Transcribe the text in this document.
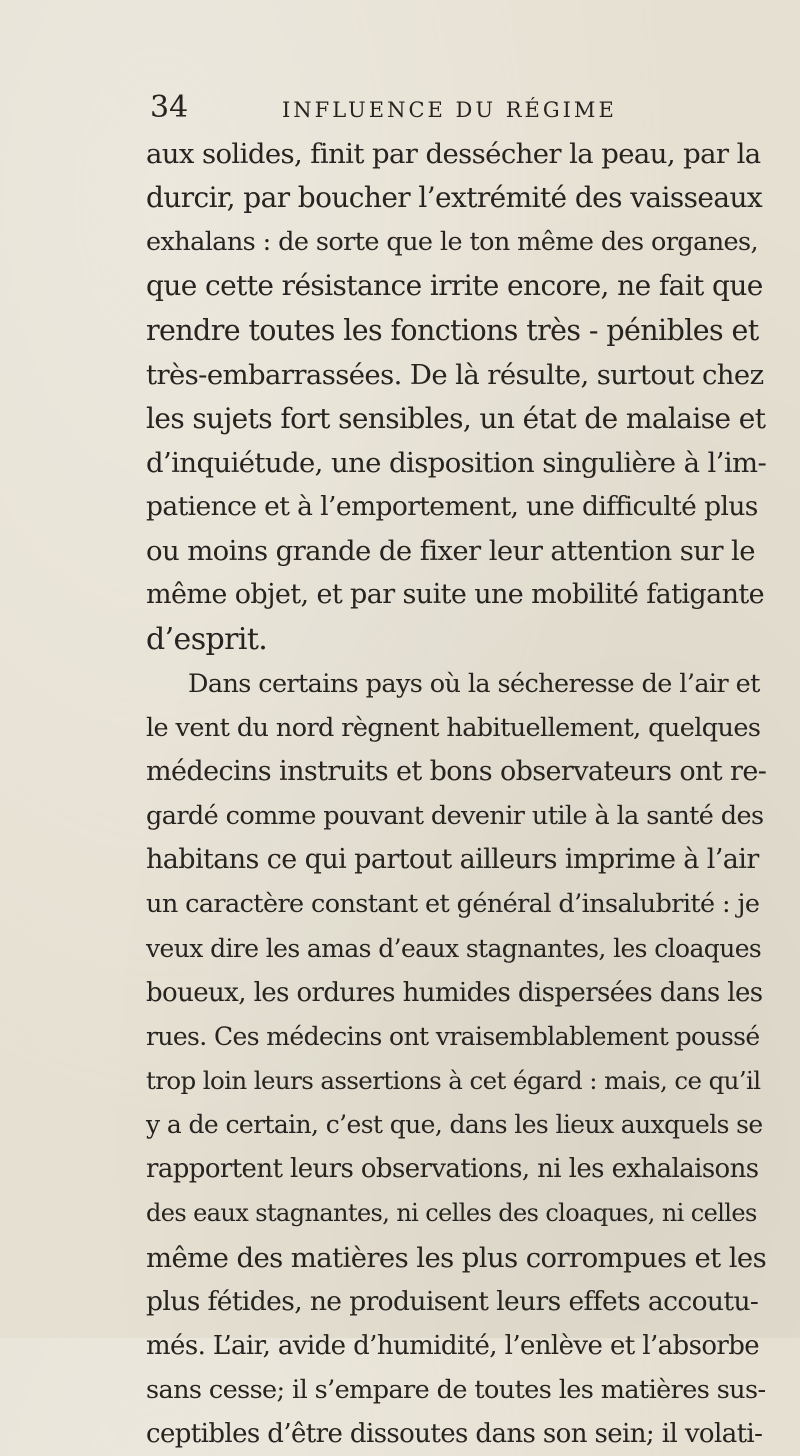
34	INFLUENCE DU RÉGIME
aux solides, finit par dessécher la peau, par la
durcir, par boucher l’extrémité des vaisseaux
exhalans : de sorte que le ton même des organes,
que cette résistance irrite encore, ne fait que
rendre toutes les fonctions très - pénibles et
très-embarrassées. De là résulte, surtout chez
les sujets fort sensibles, un état de malaise et
d’inquiétude, une disposition singulière à l’im-
patience et à l’emportement, une difficulté plus
ou moins grande de fixer leur attention sur le
même objet, et par suite une mobilité fatigante
d’esprit.
Dans certains pays où la sécheresse de l’air et
le vent du nord règnent habituellement, quelques
médecins instruits et bons observateurs ont re-
gardé comme pouvant devenir utile à la santé des
habitans ce qui partout ailleurs imprime à l’air
un caractère constant et général d’insalubrité : je
veux dire les amas d’eaux stagnantes, les cloaques
boueux, les ordures humides dispersées dans les
rues. Ces médecins ont vraisemblablement poussé
trop loin leurs assertions à cet égard : mais, ce qu’il
y a de certain, c’est que, dans les lieux auxquels se
rapportent leurs observations, ni les exhalaisons
des eaux stagnantes, ni celles des cloaques, ni celles
même des matières les plus corrompues et les
plus fétides, ne produisent leurs effets accoutu-
més. L’air, avide d’humidité, l’enlève et l’absorbe
sans cesse; il s’empare de toutes les matières sus-
ceptibles d’être dissoutes dans son sein; il volati-
